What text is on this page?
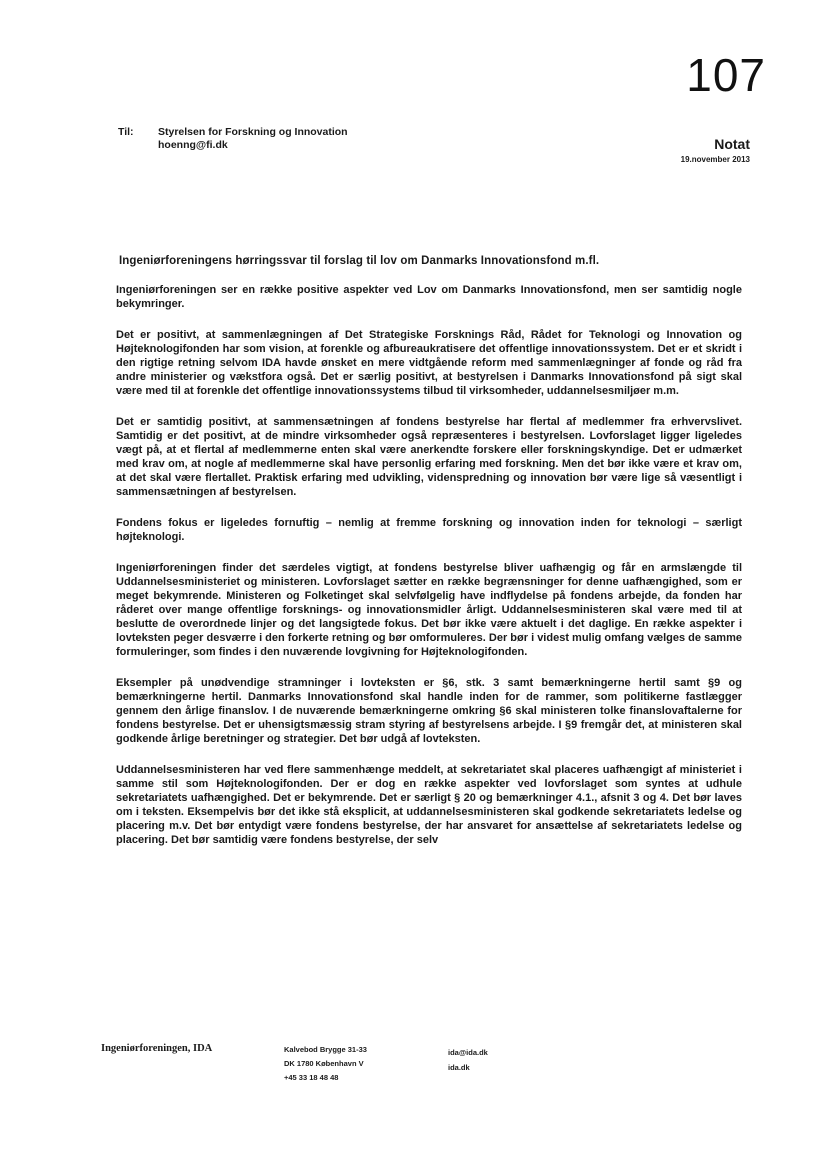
107
Til: Styrelsen for Forskning og Innovation
hoenng@fi.dk	Notat
19.november 2013
Ingeniørforeningens hørringssvar til forslag til lov om Danmarks Innovationsfond m.fl.

Ingeniørforeningen ser en række positive aspekter ved Lov om Danmarks Innovationsfond, men ser samtidig nogle bekymringer.

Det er positivt, at sammenlægningen af Det Strategiske Forsknings Råd, Rådet for Teknologi og Innovation og Højteknologifonden har som vision, at forenkle og afbureaukratisere det offentlige innovationssystem. Det er et skridt i den rigtige retning selvom IDA havde ønsket en mere vidtgående reform med sammenlægninger af fonde og råd fra andre ministerier og vækstfora også. Det er særlig positivt, at bestyrelsen i Danmarks Innovationsfond på sigt skal være med til at forenkle det offentlige innovationssystems tilbud til virksomheder, uddannelsesmiljøer m.m.

Det er samtidig positivt, at sammensætningen af fondens bestyrelse har flertal af medlemmer fra erhvervslivet. Samtidig er det positivt, at de mindre virksomheder også repræsenteres i bestyrelsen. Lovforslaget ligger ligeledes vægt på, at et flertal af medlemmerne enten skal være anerkendte forskere eller forskningskyndige. Det er udmærket med krav om, at nogle af medlemmerne skal have personlig erfaring med forskning. Men det bør ikke være et krav om, at det skal være flertallet. Praktisk erfaring med udvikling, videnspredning og innovation bør være lige så væsentligt i sammensætningen af bestyrelsen.

Fondens fokus er ligeledes fornuftig – nemlig at fremme forskning og innovation inden for teknologi – særligt højteknologi.

Ingeniørforeningen finder det særdeles vigtigt, at fondens bestyrelse bliver uafhængig og får en armslængde til Uddannelsesministeriet og ministeren. Lovforslaget sætter en række begrænsninger for denne uafhængighed, som er meget bekymrende. Ministeren og Folketinget skal selvfølgelig have indflydelse på fondens arbejde, da fonden har råderet over mange offentlige forsknings- og innovationsmidler årligt. Uddannelsesministeren skal være med til at beslutte de overordnede linjer og det langsigtede fokus. Det bør ikke være aktuelt i det daglige. En række aspekter i lovteksten peger desværre i den forkerte retning og bør omformuleres. Der bør i videst mulig omfang vælges de samme formuleringer, som findes i den nuværende lovgivning for Højteknologifonden.

Eksempler på unødvendige stramninger i lovteksten er §6, stk. 3 samt bemærkningerne hertil samt §9 og bemærkningerne hertil. Danmarks Innovationsfond skal handle inden for de rammer, som politikerne fastlægger gennem den årlige finanslov. I de nuværende bemærkningerne omkring §6 skal ministeren tolke finanslovaftalerne for fondens bestyrelse. Det er uhensigtsmæssig stram styring af bestyrelsens arbejde. I §9 fremgår det, at ministeren skal godkende årlige beretninger og strategier. Det bør udgå af lovteksten.

Uddannelsesministeren har ved flere sammenhænge meddelt, at sekretariatet skal placeres uafhængigt af ministeriet i samme stil som Højteknologifonden. Der er dog en række aspekter ved lovforslaget som syntes at udhule sekretariatets uafhængighed. Det er bekymrende. Det er særligt § 20 og bemærkninger 4.1., afsnit 3 og 4. Det bør laves om i teksten. Eksempelvis bør det ikke stå eksplicit, at uddannelsesministeren skal godkende sekretariatets ledelse og placering m.v. Det bør entydigt være fondens bestyrelse, der har ansvaret for ansættelse af sekretariatets ledelse og placering. Det bør samtidig være fondens bestyrelse, der selv

Ingeniørforeningen, IDA	Kalvebod Brygge 31-33
DK 1780 København V
+45 33 18 48 48
ida@ida.dk
ida.dk
